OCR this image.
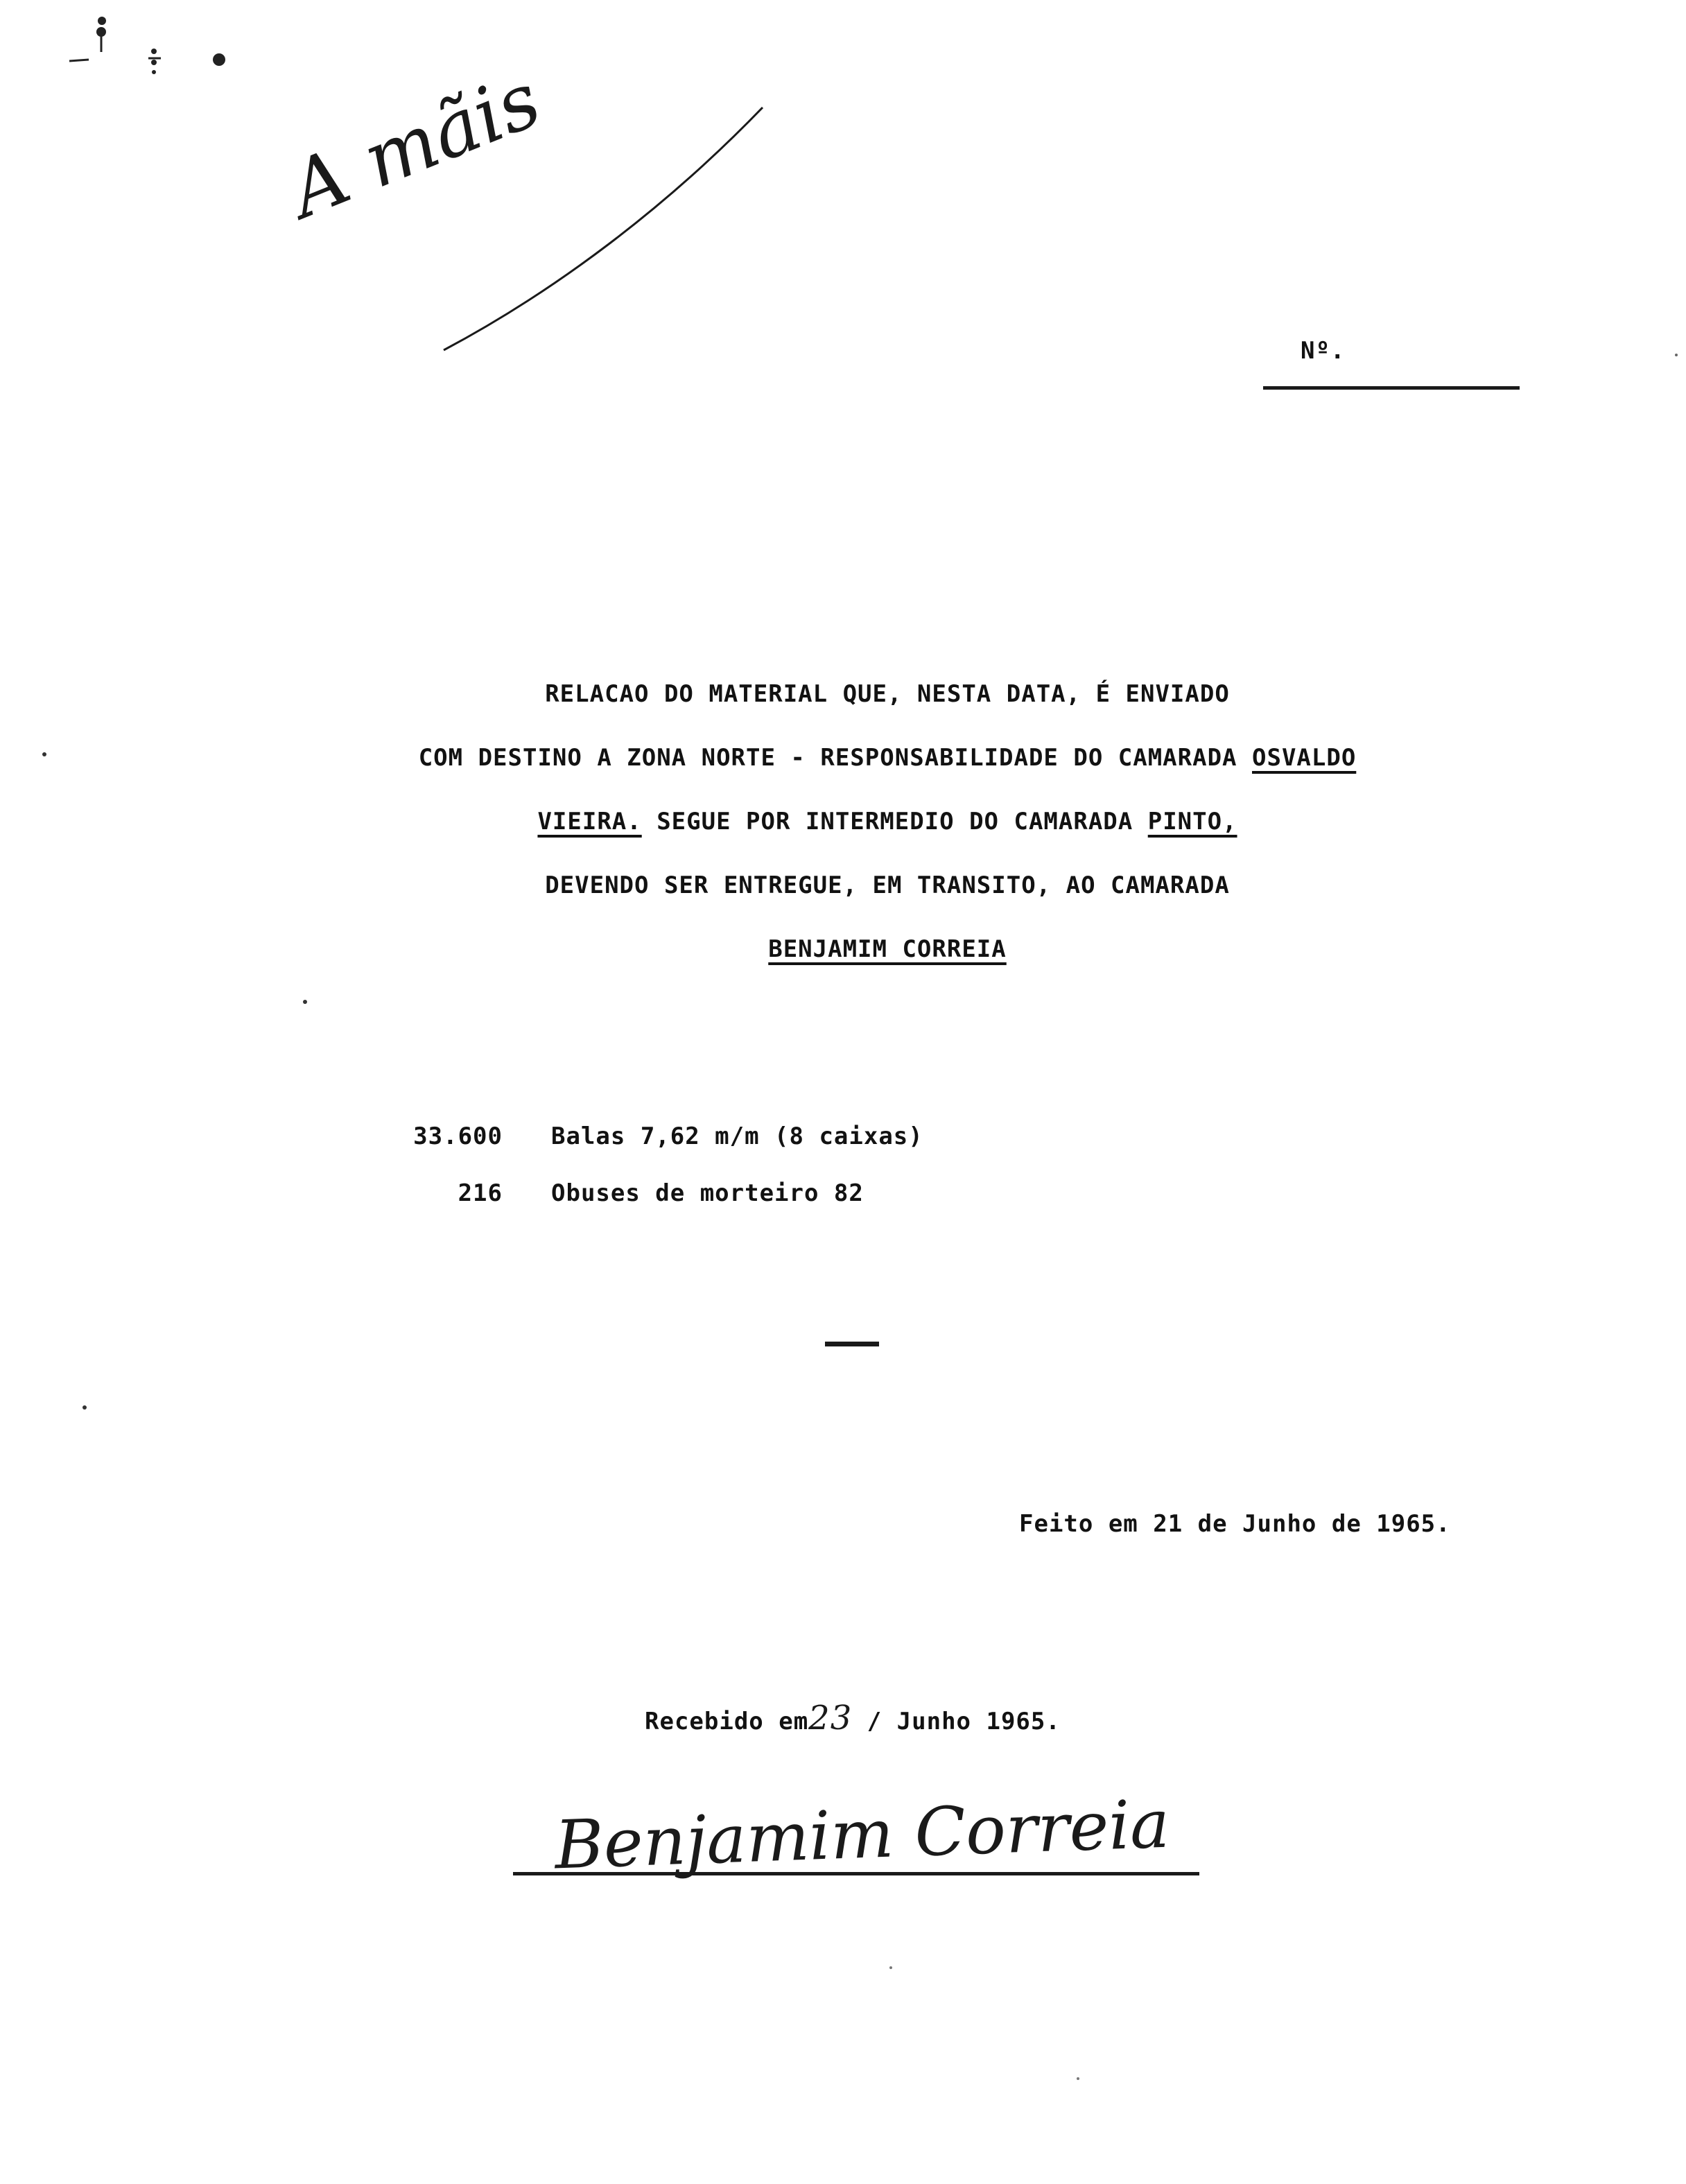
A mãis
Nº.
RELACAO DO MATERIAL QUE, NESTA DATA, É ENVIADO
COM DESTINO A ZONA NORTE - RESPONSABILIDADE DO CAMARADA OSVALDO
VIEIRA. SEGUE POR INTERMEDIO DO CAMARADA PINTO,
DEVENDO SER ENTREGUE, EM TRANSITO, AO CAMARADA
BENJAMIM CORREIA
33.600 Balas 7,62 m/m (8 caixas)
216 Obuses de morteiro 82
Feito em 21 de Junho de 1965.
Recebido em23 / Junho 1965.
Benjamim Correia
